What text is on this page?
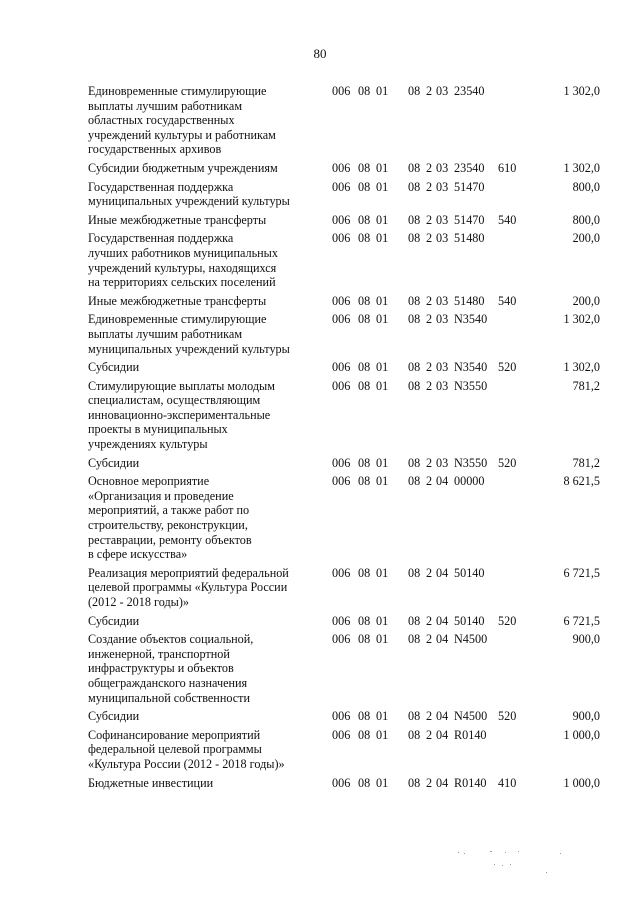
80
Единовременные стимулирующие
выплаты лучшим работникам
областных государственных
учреждений культуры и работникам
государственных архивов
006 08 01 08 2 03 23540	1 302,0
Субсидии бюджетным учреждениям	006 08 01 08 2 03 23540 610	1 302,0
Государственная поддержка
муниципальных учреждений культуры
006 08 01 08 2 03 51470	800,0
Иные межбюджетные трансферты	006 08 01 08 2 03 51470 540	800,0
Государственная поддержка
лучших работников муниципальных
учреждений культуры, находящихся
на территориях сельских поселений
006 08 01 08 2 03 51480	200,0
Иные межбюджетные трансферты	006 08 01 08 2 03 51480 540	200,0
Единовременные стимулирующие
выплаты лучшим работникам
муниципальных учреждений культуры
006 08 01 08 2 03 N3540	1 302,0
Субсидии	006 08 01 08 2 03 N3540 520	1 302,0
Стимулирующие выплаты молодым
специалистам, осуществляющим
инновационно-экспериментальные
проекты в муниципальных
учреждениях культуры
006 08 01 08 2 03 N3550	781,2
Субсидии	006 08 01 08 2 03 N3550 520	781,2
Основное мероприятие
«Организация и проведение
мероприятий, а также работ по
строительству, реконструкции,
реставрации, ремонту объектов
в сфере искусства»
006 08 01 08 2 04 00000	8 621,5
Реализация мероприятий федеральной
целевой программы «Культура России
(2012 - 2018 годы)»
006 08 01 08 2 04 50140	6 721,5
Субсидии	006 08 01 08 2 04 50140 520	6 721,5
Создание объектов социальной,
инженерной, транспортной
инфраструктуры и объектов
общегражданского назначения
муниципальной собственности
006 08 01 08 2 04 N4500	900,0
Субсидии	006 08 01 08 2 04 N4500 520	900,0
Софинансирование мероприятий
федеральной целевой программы
«Культура России (2012 - 2018 годы)»
006 08 01 08 2 04 R0140	1 000,0
Бюджетные инвестиции	006 08 01 08 2 04 R0140 410	1 000,0
